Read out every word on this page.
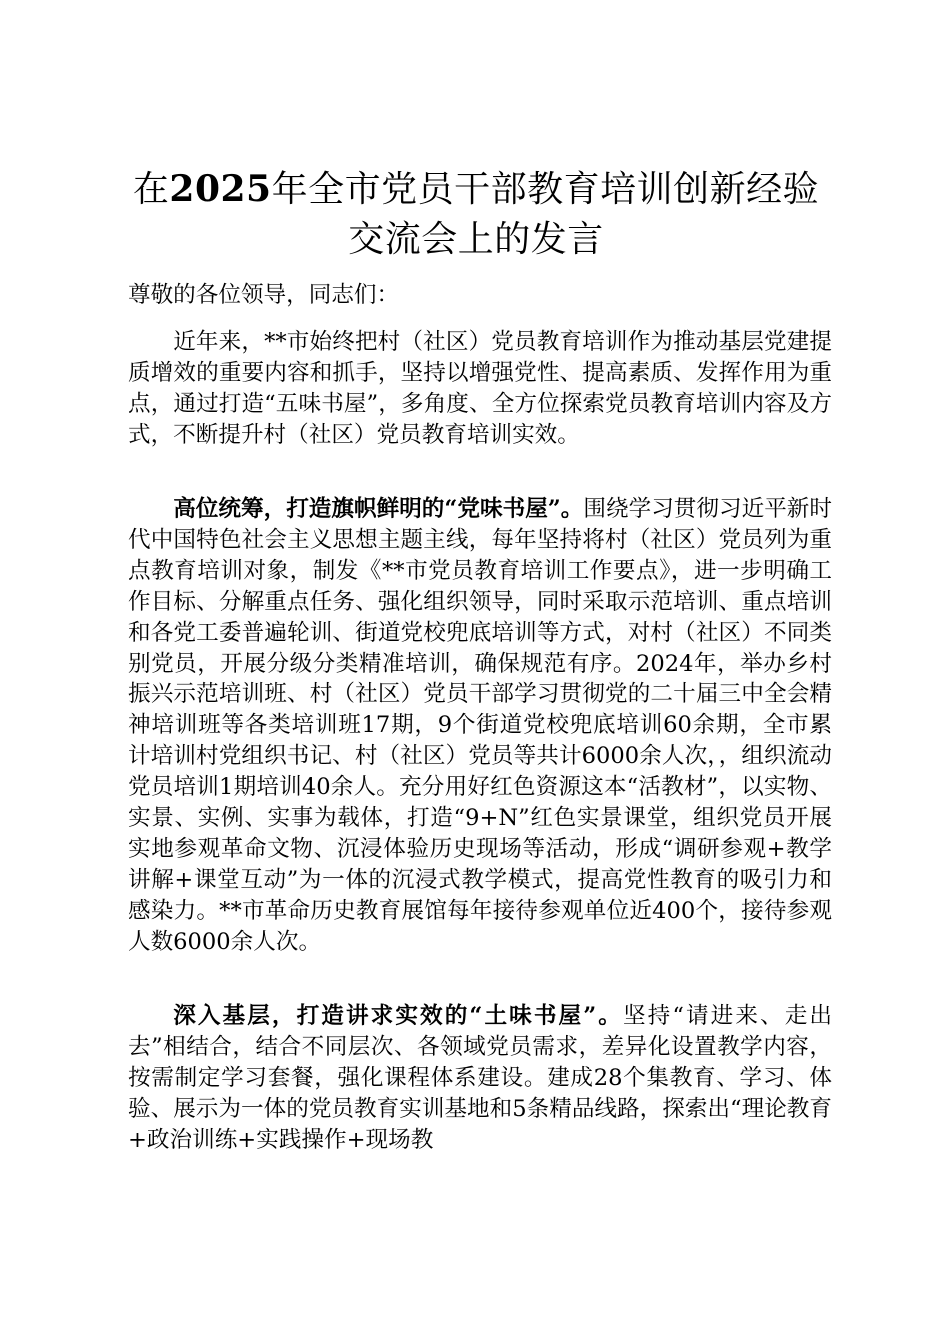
在2025年全市党员干部教育培训创新经验交流会上的发言
尊敬的各位领导，同志们：

近年来，**市始终把村（社区）党员教育培训作为推动基层党建提质增效的重要内容和抓手，坚持以增强党性、提高素质、发挥作用为重点，通过打造“五味书屋”，多角度、全方位探索党员教育培训内容及方式，不断提升村（社区）党员教育培训实效。

高位统筹，打造旗帜鲜明的“党味书屋”。围绕学习贯彻习近平新时代中国特色社会主义思想主题主线，每年坚持将村（社区）党员列为重点教育培训对象，制发《**市党员教育培训工作要点》，进一步明确工作目标、分解重点任务、强化组织领导，同时采取示范培训、重点培训和各党工委普遍轮训、街道党校兜底培训等方式，对村（社区）不同类别党员，开展分级分类精准培训，确保规范有序。2024年，举办乡村振兴示范培训班、村（社区）党员干部学习贯彻党的二十届三中全会精神培训班等各类培训班17期，9个街道党校兜底培训60余期，全市累计培训村党组织书记、村（社区）党员等共计6000余人次，，组织流动党员培训1期培训40余人。充分用好红色资源这本“活教材”，以实物、实景、实例、实事为载体，打造“9+N”红色实景课堂，组织党员开展实地参观革命文物、沉浸体验历史现场等活动，形成“调研参观+教学讲解+课堂互动”为一体的沉浸式教学模式，提高党性教育的吸引力和感染力。**市革命历史教育展馆每年接待参观单位近400个，接待参观人数6000余人次。

深入基层，打造讲求实效的“土味书屋”。坚持“请进来、走出去”相结合，结合不同层次、各领域党员需求，差异化设置教学内容，按需制定学习套餐，强化课程体系建设。建成28个集教育、学习、体验、展示为一体的党员教育实训基地和5条精品线路，探索出“理论教育+政治训练+实践操作+现场教
